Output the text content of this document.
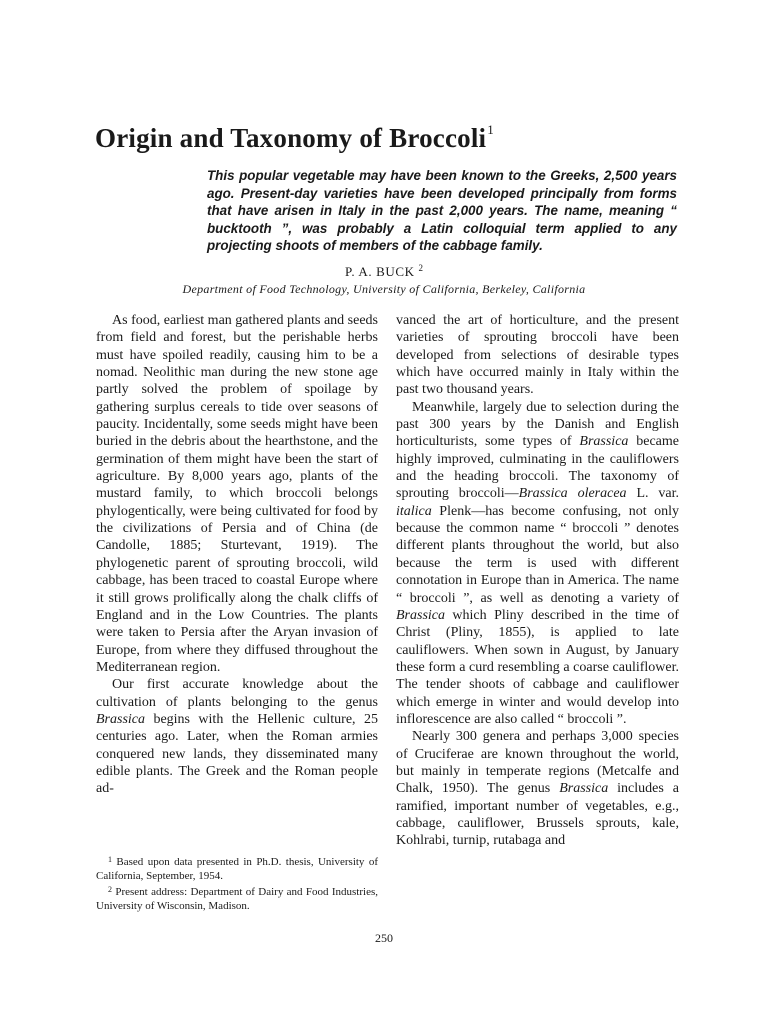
Origin and Taxonomy of Broccoli$^1$

This popular vegetable may have been known to the Greeks, 2,500 years ago. Present-day varieties have been developed principally from forms that have arisen in Italy in the past 2,000 years. The name, meaning “ bucktooth ”, was probably a Latin colloquial term applied to any projecting shoots of members of the cabbage family.

P. A. BUCK $^2$

Department of Food Technology, University of California, Berkeley, California

As food, earliest man gathered plants and seeds from field and forest, but the perishable herbs must have spoiled readily, causing him to be a nomad. Neolithic man during the new stone age partly solved the problem of spoilage by gathering surplus cereals to tide over seasons of paucity. Incidentally, some seeds might have been buried in the debris about the hearthstone, and the germination of them might have been the start of agriculture. By 8,000 years ago, plants of the mustard family, to which broccoli belongs phylogentically, were being cultivated for food by the civilizations of Persia and of China (de Candolle, 1885; Sturtevant, 1919). The phylogenetic parent of sprouting broccoli, wild cabbage, has been traced to coastal Europe where it still grows prolifically along the chalk cliffs of England and in the Low Countries. The plants were taken to Persia after the Aryan invasion of Europe, from where they diffused throughout the Mediterranean region.

Our first accurate knowledge about the cultivation of plants belonging to the genus Brassica begins with the Hellenic culture, 25 centuries ago. Later, when the Roman armies conquered new lands, they disseminated many edible plants. The Greek and the Roman people ad-

$^1$ Based upon data presented in Ph.D. thesis, University of California, September, 1954.

$^2$ Present address: Department of Dairy and Food Industries, University of Wisconsin, Madison.

vanced the art of horticulture, and the present varieties of sprouting broccoli have been developed from selections of desirable types which have occurred mainly in Italy within the past two thousand years.

Meanwhile, largely due to selection during the past 300 years by the Danish and English horticulturists, some types of Brassica became highly improved, culminating in the cauliflowers and the heading broccoli. The taxonomy of sprouting broccoli—Brassica oleracea L. var. italica Plenk—has become confusing, not only because the common name “ broccoli ” denotes different plants throughout the world, but also because the term is used with different connotation in Europe than in America. The name “ broccoli ”, as well as denoting a variety of Brassica which Pliny described in the time of Christ (Pliny, 1855), is applied to late cauliflowers. When sown in August, by January these form a curd resembling a coarse cauliflower. The tender shoots of cabbage and cauliflower which emerge in winter and would develop into inflorescence are also called “ broccoli ”.

Nearly 300 genera and perhaps 3,000 species of Cruciferae are known throughout the world, but mainly in temperate regions (Metcalfe and Chalk, 1950). The genus Brassica includes a ramified, important number of vegetables, e.g., cabbage, cauliflower, Brussels sprouts, kale, Kohlrabi, turnip, rutabaga and

250
